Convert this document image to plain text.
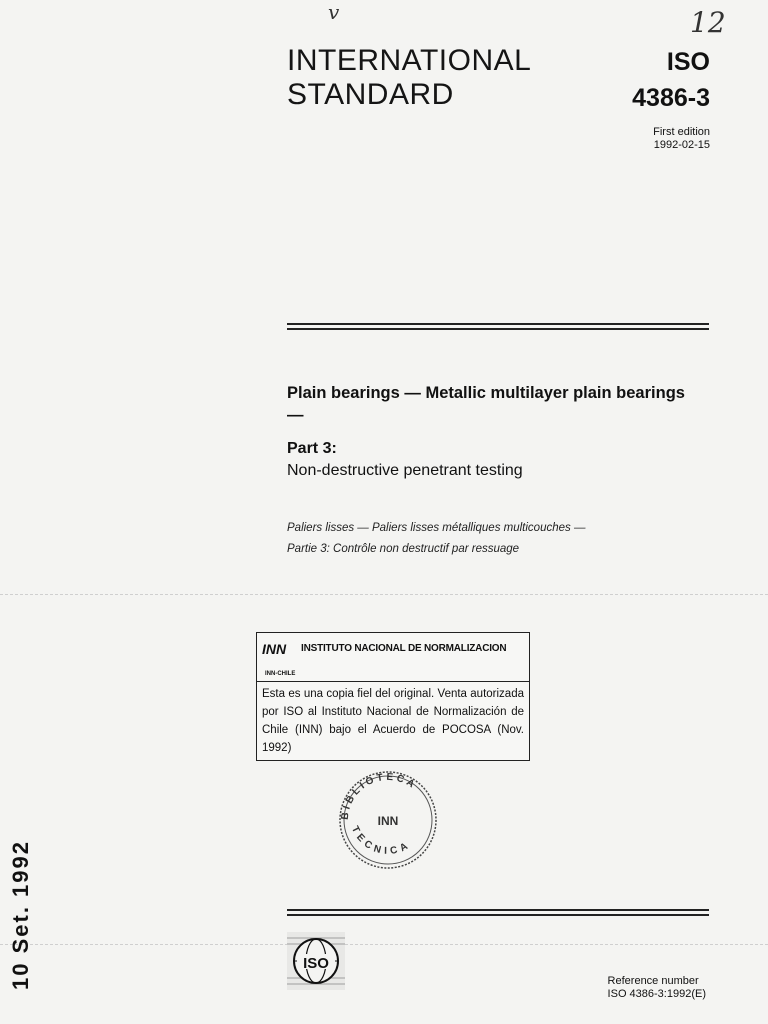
v	12
INTERNATIONAL
STANDARD
ISO
4386-3
First edition
1992-02-15
Plain bearings — Metallic multilayer plain bearings —
Part 3:
Non-destructive penetrant testing
Paliers lisses — Paliers lisses métalliques multicouches —
Partie 3: Contrôle non destructif par ressuage
INN INSTITUTO NACIONAL DE NORMALIZACION
INN-CHILE
Esta es una copia fiel del original. Venta autorizada por ISO al Instituto Nacional de Normalización de Chile (INN) bajo el Acuerdo de POCOSA (Nov. 1992)
BIBLIOTECA
TECNICA
INN
10 Set. 1992	ISO
Reference number
ISO 4386-3:1992(E)
